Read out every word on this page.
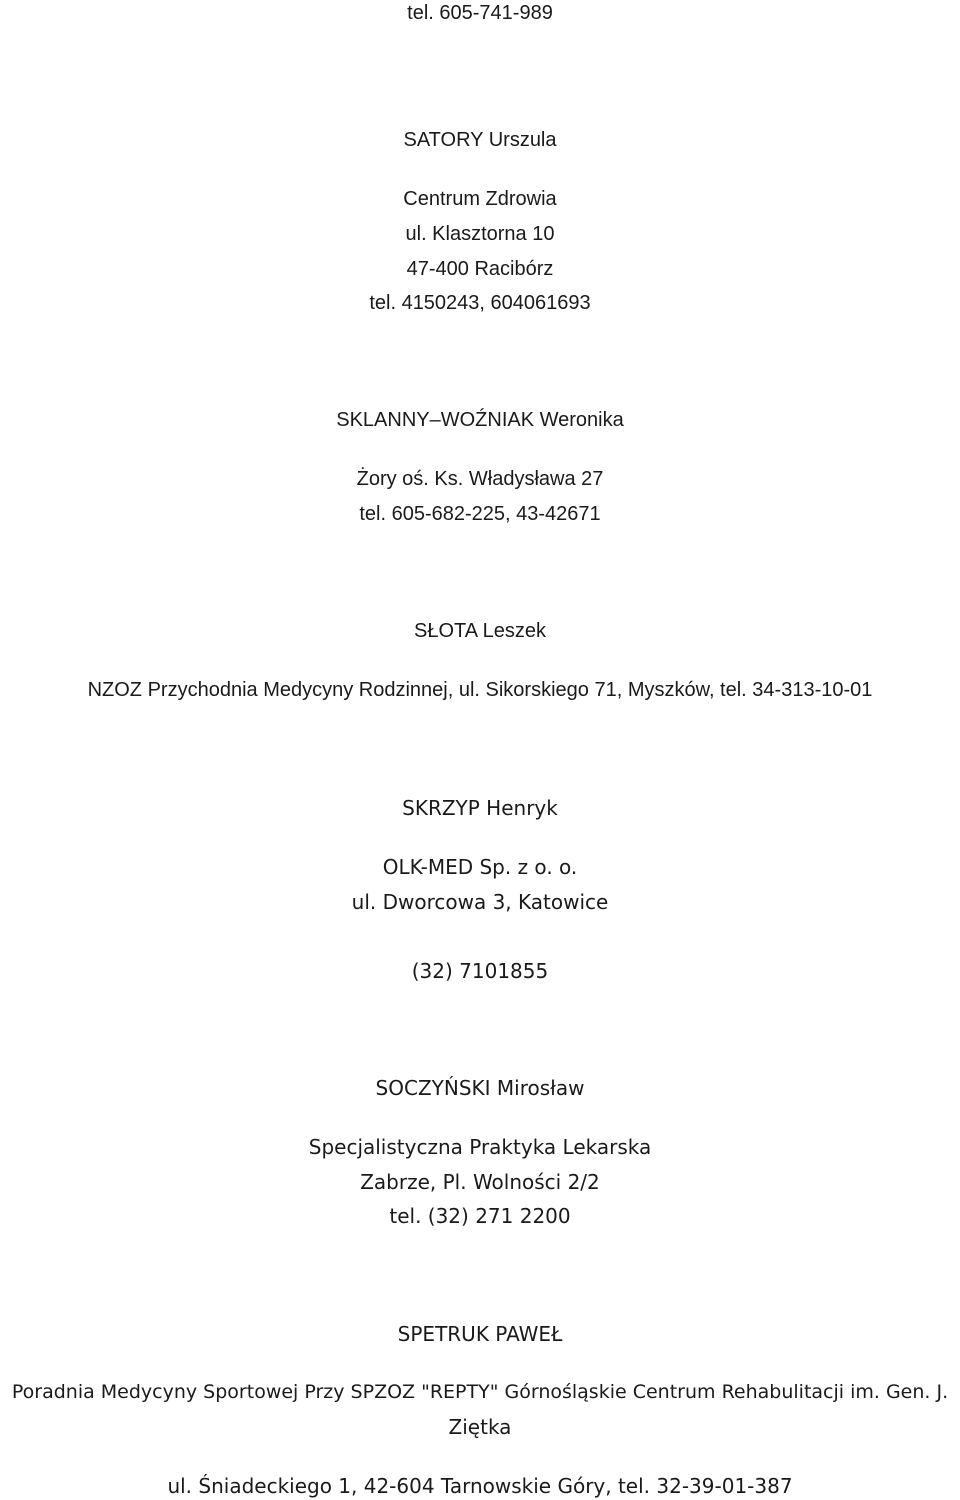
tel. 605-741-989
SATORY Urszula
Centrum Zdrowia
ul. Klasztorna 10
47-400 Racibórz
tel. 4150243, 604061693
SKLANNY–WOŹNIAK Weronika
Żory oś. Ks. Władysława 27
tel. 605-682-225, 43-42671
SŁOTA Leszek
NZOZ Przychodnia Medycyny Rodzinnej, ul. Sikorskiego 71, Myszków, tel. 34-313-10-01
SKRZYP Henryk
OLK-MED Sp. z o. o.
ul. Dworcowa 3, Katowice
(32) 7101855
SOCZYŃSKI Mirosław
Specjalistyczna Praktyka Lekarska
Zabrze, Pl. Wolności 2/2
tel. (32) 271 2200
SPETRUK PAWEŁ
Poradnia Medycyny Sportowej Przy SPZOZ "REPTY" Górnośląskie Centrum Rehabulitacji im. Gen. J.
Ziętka
ul. Śniadeckiego 1, 42-604 Tarnowskie Góry, tel. 32-39-01-387
